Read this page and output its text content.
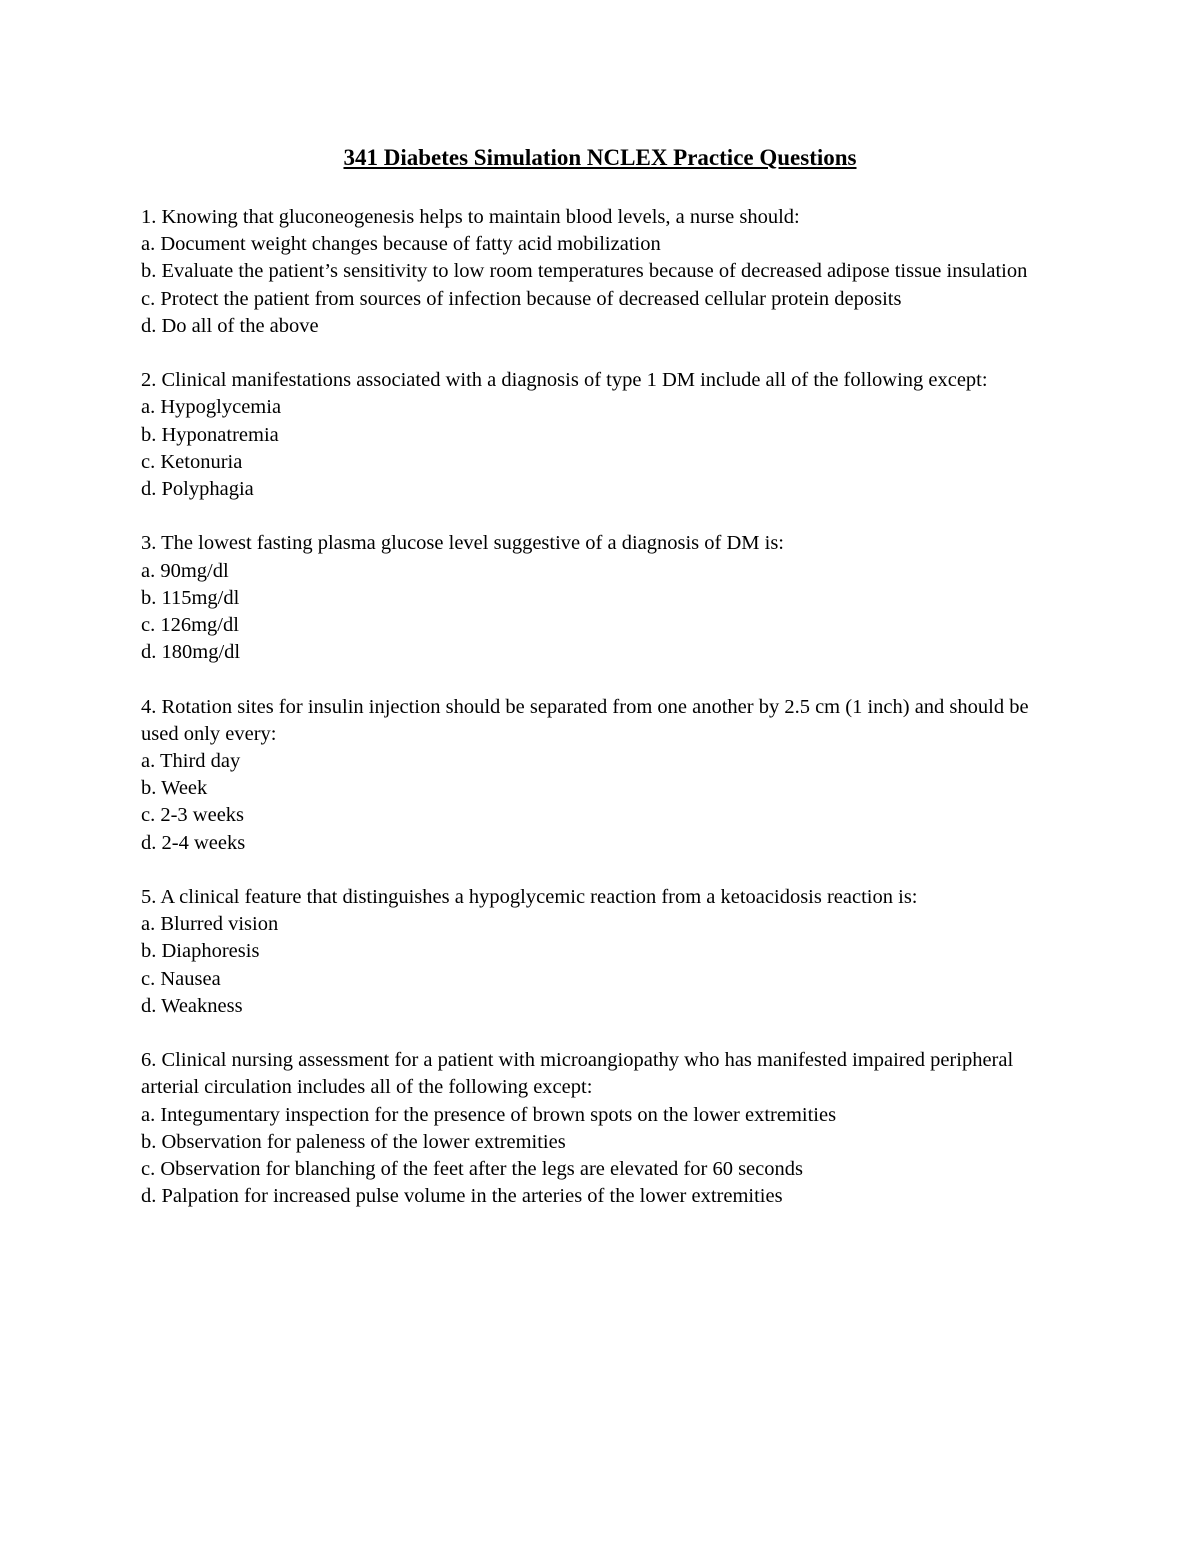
341 Diabetes Simulation NCLEX Practice Questions

1. Knowing that gluconeogenesis helps to maintain blood levels, a nurse should:

a. Document weight changes because of fatty acid mobilization

b. Evaluate the patient’s sensitivity to low room temperatures because of decreased adipose tissue insulation

c. Protect the patient from sources of infection because of decreased cellular protein deposits

d. Do all of the above

2. Clinical manifestations associated with a diagnosis of type 1 DM include all of the following except:

a. Hypoglycemia

b. Hyponatremia

c. Ketonuria

d. Polyphagia

3. The lowest fasting plasma glucose level suggestive of a diagnosis of DM is:

a. 90mg/dl

b. 115mg/dl

c. 126mg/dl

d. 180mg/dl

4. Rotation sites for insulin injection should be separated from one another by 2.5 cm (1 inch) and should be used only every:

a. Third day

b. Week

c. 2-3 weeks

d. 2-4 weeks

5. A clinical feature that distinguishes a hypoglycemic reaction from a ketoacidosis reaction is:

a. Blurred vision

b. Diaphoresis

c. Nausea

d. Weakness

6. Clinical nursing assessment for a patient with microangiopathy who has manifested impaired peripheral arterial circulation includes all of the following except:

a. Integumentary inspection for the presence of brown spots on the lower extremities

b. Observation for paleness of the lower extremities

c. Observation for blanching of the feet after the legs are elevated for 60 seconds

d. Palpation for increased pulse volume in the arteries of the lower extremities
